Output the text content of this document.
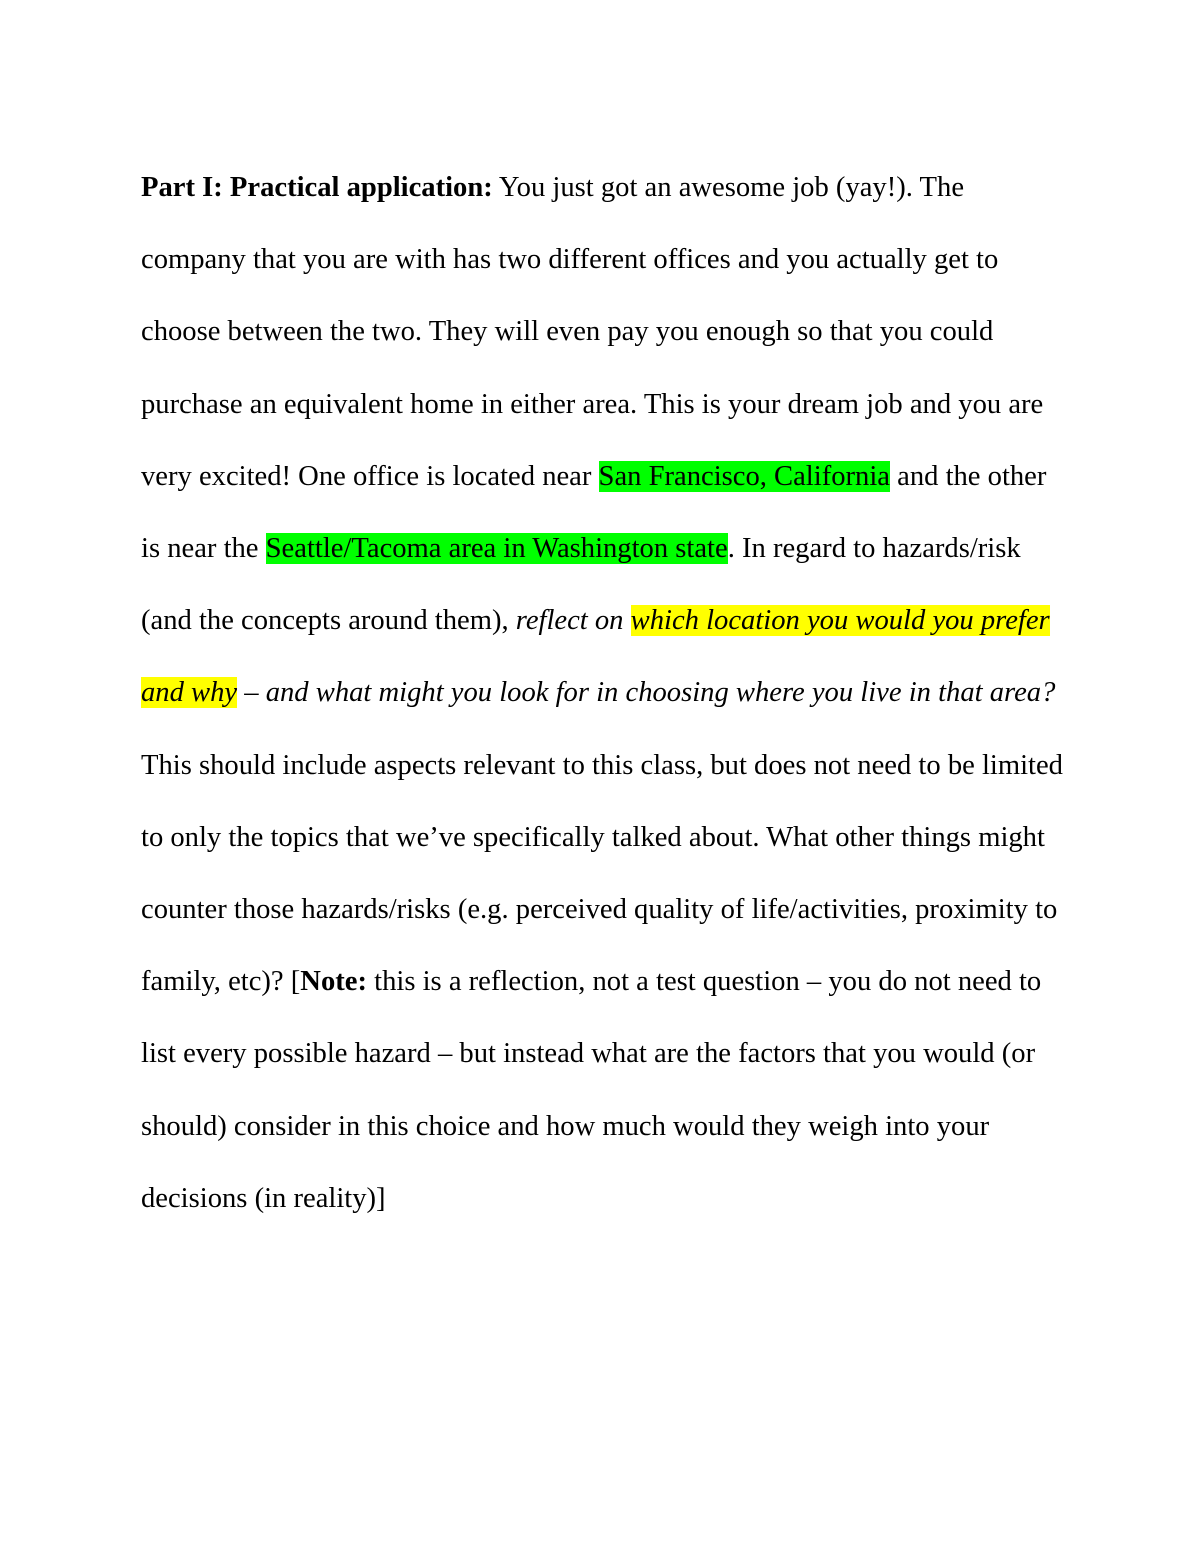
Part I: Practical application: You just got an awesome job (yay!). The company that you are with has two different offices and you actually get to choose between the two. They will even pay you enough so that you could purchase an equivalent home in either area. This is your dream job and you are very excited! One office is located near San Francisco, California and the other is near the Seattle/Tacoma area in Washington state. In regard to hazards/risk (and the concepts around them), reflect on which location you would you prefer and why – and what might you look for in choosing where you live in that area? This should include aspects relevant to this class, but does not need to be limited to only the topics that we’ve specifically talked about. What other things might counter those hazards/risks (e.g. perceived quality of life/activities, proximity to family, etc)? [Note: this is a reflection, not a test question – you do not need to list every possible hazard – but instead what are the factors that you would (or should) consider in this choice and how much would they weigh into your decisions (in reality)]
